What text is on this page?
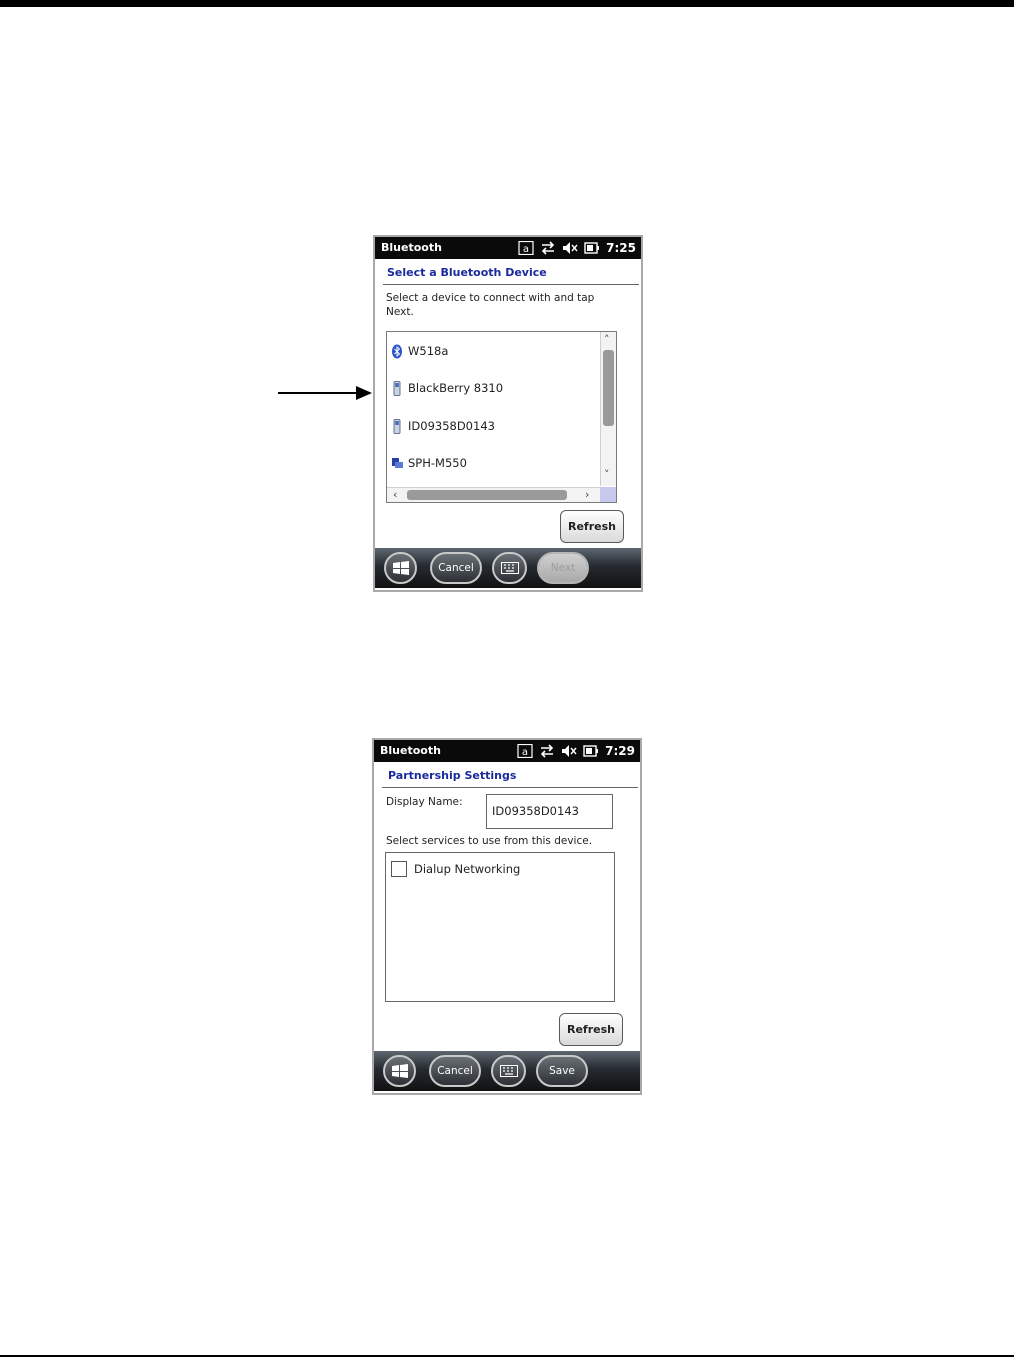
Bluetooth	a	7:25
Select a Bluetooth Device
Select a device to connect with and tap Next.
W518a
BlackBerry 8310
ID09358D0143
SPH-M550
˄
˅
‹	›
Refresh
Cancel	Next
Bluetooth	a	7:29
Partnership Settings
Display Name:
ID09358D0143
Select services to use from this device.
Dialup Networking
Refresh
Cancel	Save
